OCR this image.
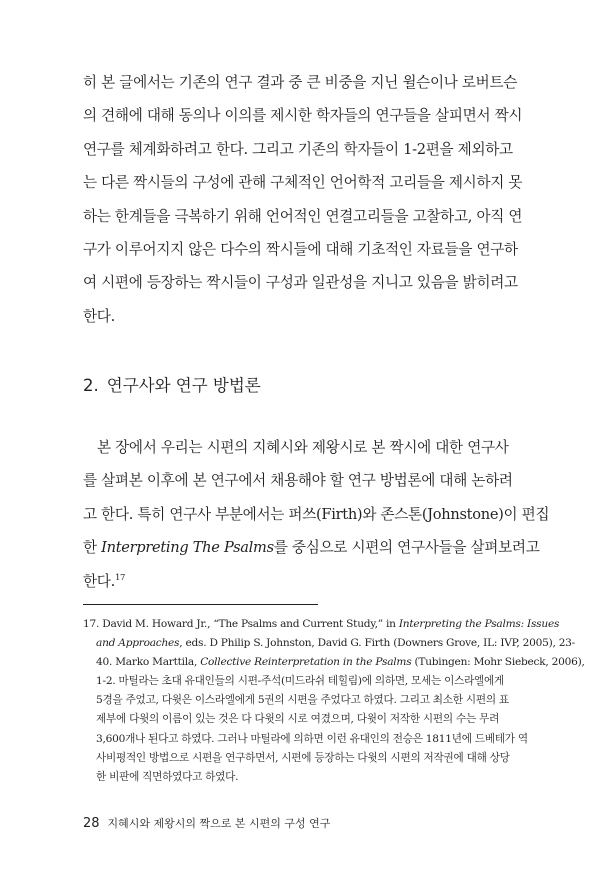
히 본 글에서는 기존의 연구 결과 중 큰 비중을 지닌 윌슨이나 로버트슨
의 견해에 대해 동의나 이의를 제시한 학자들의 연구들을 살피면서 짝시
연구를 체계화하려고 한다. 그리고 기존의 학자들이 1-2편을 제외하고
는 다른 짝시들의 구성에 관해 구체적인 언어학적 고리들을 제시하지 못
하는 한계들을 극복하기 위해 언어적인 연결고리들을 고찰하고, 아직 연
구가 이루어지지 않은 다수의 짝시들에 대해 기초적인 자료들을 연구하
여 시편에 등장하는 짝시들이 구성과 일관성을 지니고 있음을 밝히려고
한다.

2. 연구사와 연구 방법론

본 장에서 우리는 시편의 지혜시와 제왕시로 본 짝시에 대한 연구사
를 살펴본 이후에 본 연구에서 채용해야 할 연구 방법론에 대해 논하려
고 한다. 특히 연구사 부분에서는 퍼쓰(Firth)와 존스톤(Johnstone)이 편집
한 Interpreting The Psalms를 중심으로 시편의 연구사들을 살펴보려고
한다.$^{17}$

17. David M. Howard Jr., “The Psalms and Current Study,” in Interpreting the Psalms: Issues
and Approaches, eds. D Philip S. Johnston, David G. Firth (Downers Grove, IL: IVP, 2005), 23-
40. Marko Marttila, Collective Reinterpretation in the Psalms (Tubingen: Mohr Siebeck, 2006),
1-2. 마틸라는 초대 유대인들의 시편-주석(미드라쉬 테힐림)에 의하면, 모세는 이스라엘에게
5경을 주었고, 다윗은 이스라엘에게 5권의 시편을 주었다고 하였다. 그리고 최소한 시편의 표
제부에 다윗의 이름이 있는 것은 다 다윗의 시로 여겼으며, 다윗이 저작한 시편의 수는 무려
3,600개나 된다고 하였다. 그러나 마틸라에 의하면 이런 유대인의 전승은 1811년에 드베테가 역
사비평적인 방법으로 시편을 연구하면서, 시편에 등장하는 다윗의 시편의 저작권에 대해 상당
한 비판에 직면하였다고 하였다.

28 지혜시와 제왕시의 짝으로 본 시편의 구성 연구
